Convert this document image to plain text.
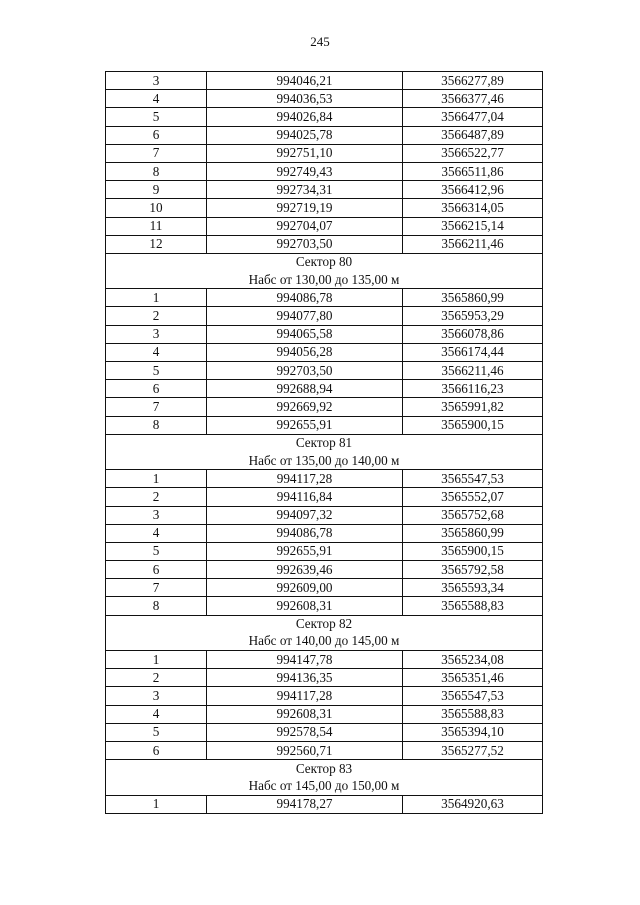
245
3	994046,21	3566277,89
4	994036,53	3566377,46
5	994026,84	3566477,04
6	994025,78	3566487,89
7	992751,10	3566522,77
8	992749,43	3566511,86
9	992734,31	3566412,96
10	992719,19	3566314,05
11	992704,07	3566215,14
12	992703,50	3566211,46
Сектор 80		
Набс от 130,00 до 135,00 м		
1	994086,78	3565860,99
2	994077,80	3565953,29
3	994065,58	3566078,86
4	994056,28	3566174,44
5	992703,50	3566211,46
6	992688,94	3566116,23
7	992669,92	3565991,82
8	992655,91	3565900,15
Сектор 81		
Набс от 135,00 до 140,00 м		
1	994117,28	3565547,53
2	994116,84	3565552,07
3	994097,32	3565752,68
4	994086,78	3565860,99
5	992655,91	3565900,15
6	992639,46	3565792,58
7	992609,00	3565593,34
8	992608,31	3565588,83
Сектор 82		
Набс от 140,00 до 145,00 м		
1	994147,78	3565234,08
2	994136,35	3565351,46
3	994117,28	3565547,53
4	992608,31	3565588,83
5	992578,54	3565394,10
6	992560,71	3565277,52
Сектор 83		
Набс от 145,00 до 150,00 м		
1	994178,27	3564920,63
